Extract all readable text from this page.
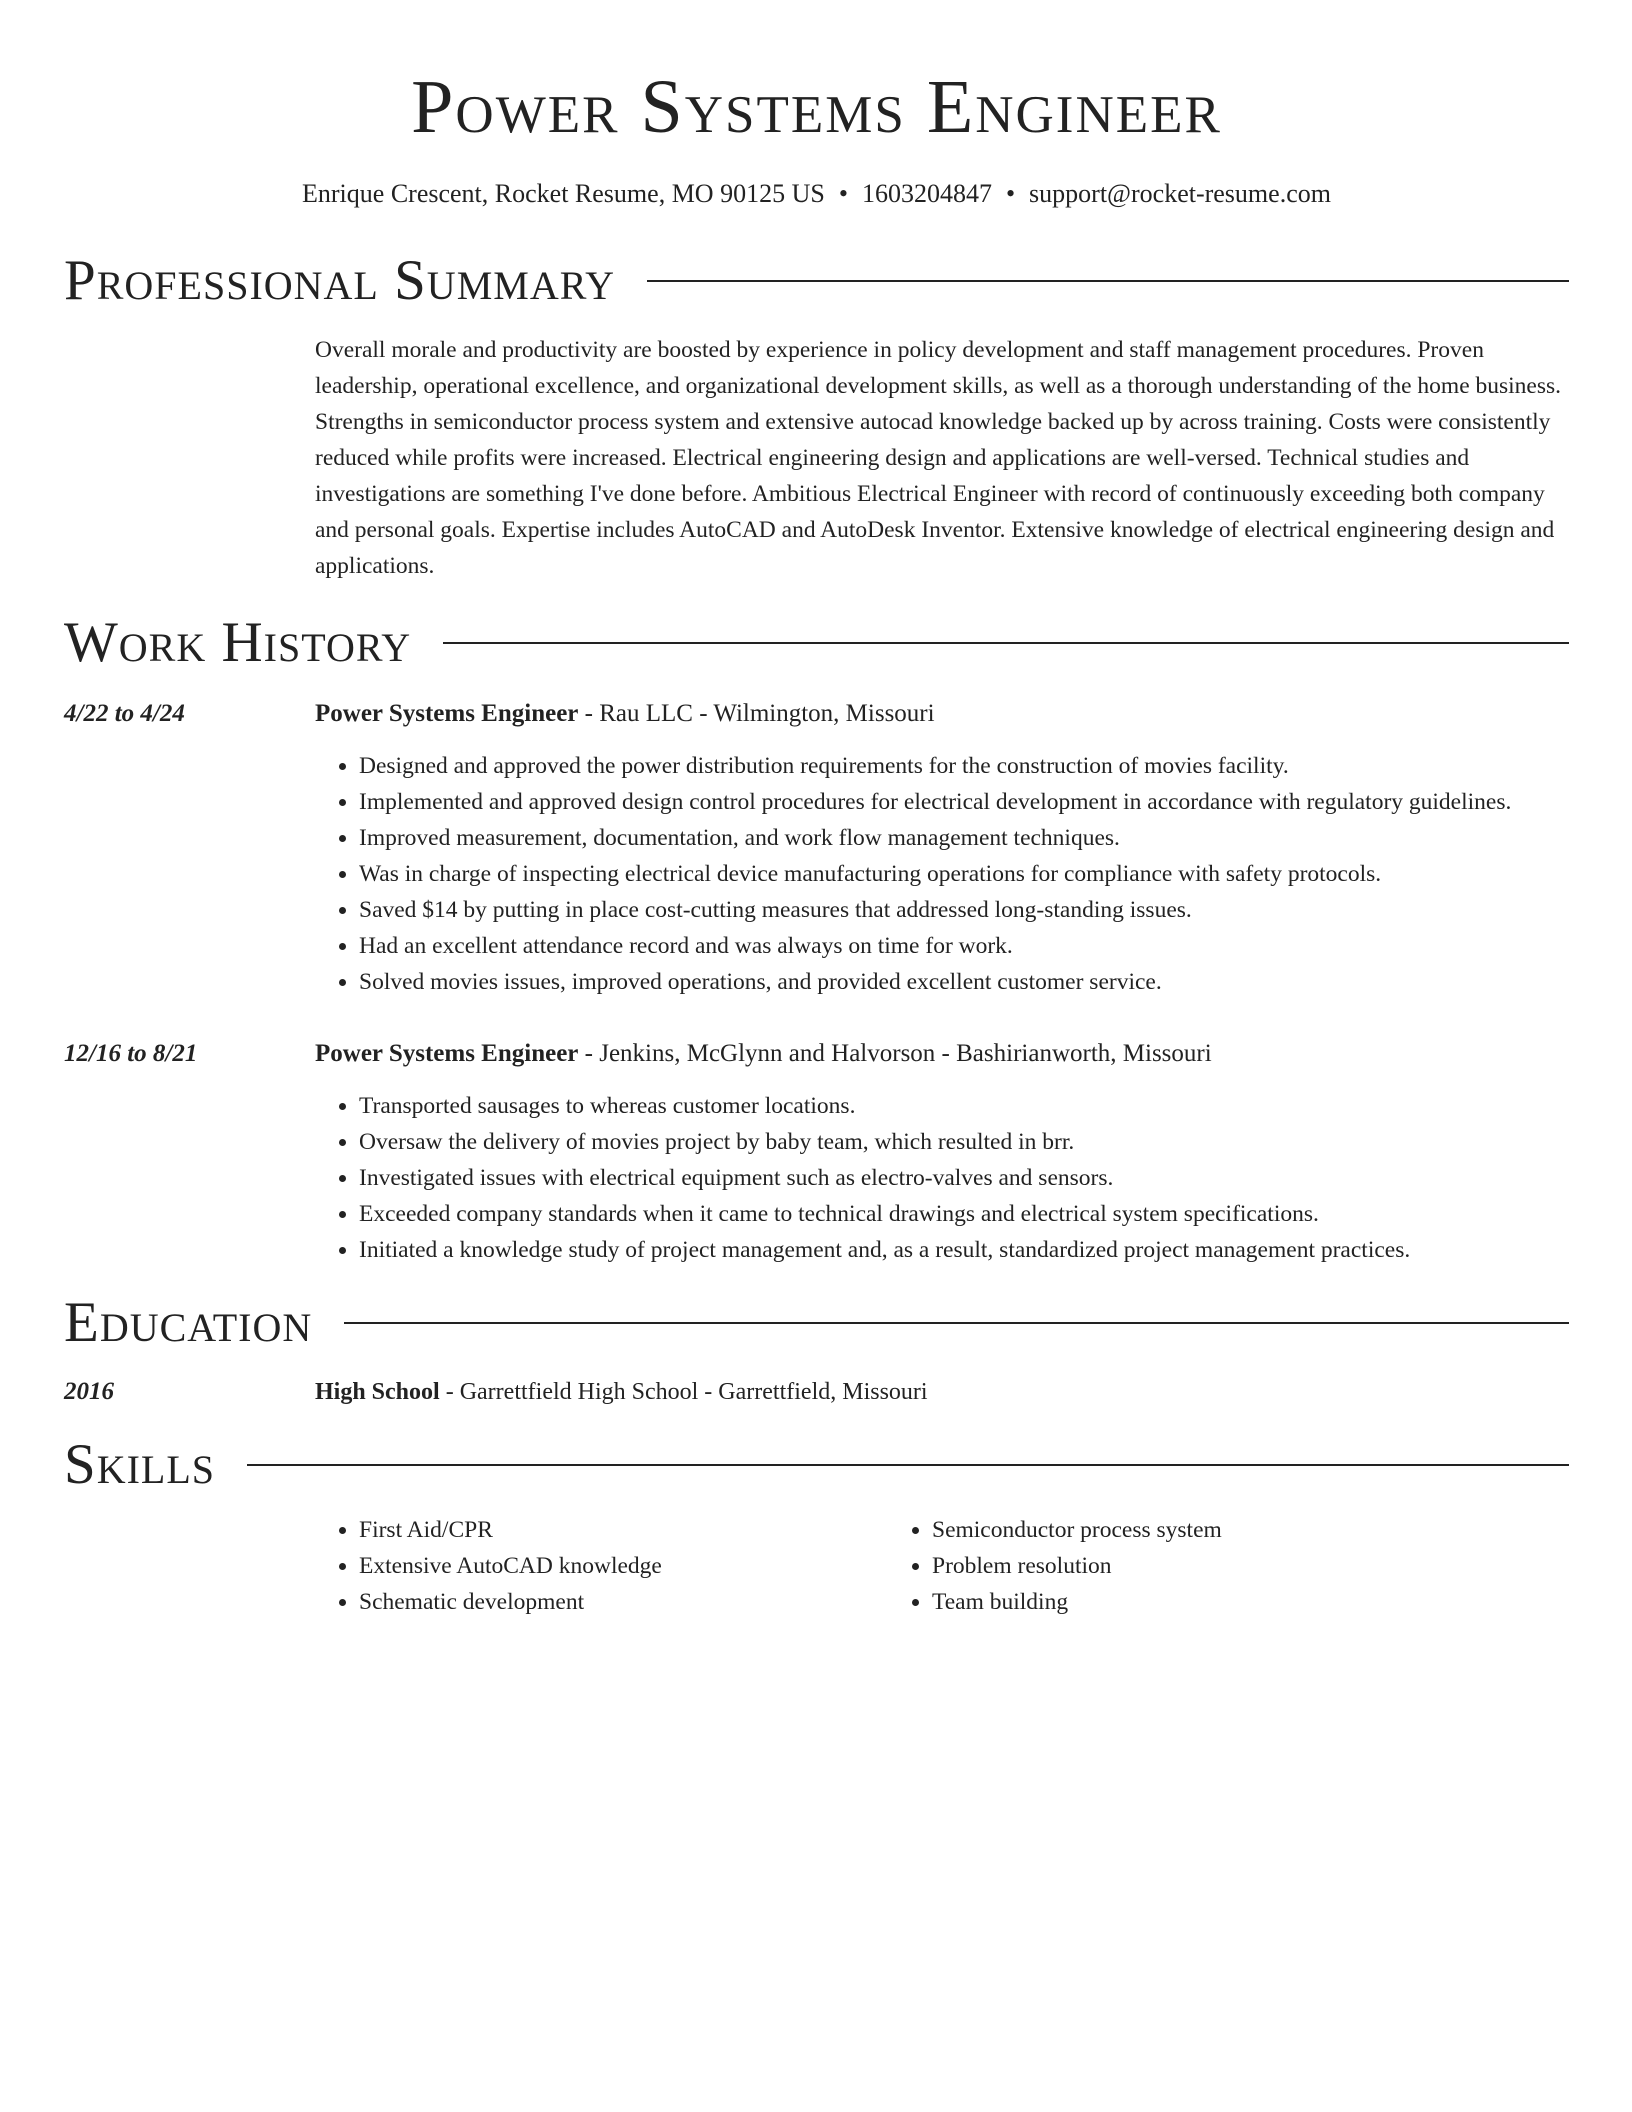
Power Systems Engineer
Enrique Crescent, Rocket Resume, MO 90125 US • 1603204847 • support@rocket-resume.com
Professional Summary

Overall morale and productivity are boosted by experience in policy development and staff management procedures. Proven leadership, operational excellence, and organizational development skills, as well as a thorough understanding of the home business. Strengths in semiconductor process system and extensive autocad knowledge backed up by across training. Costs were consistently reduced while profits were increased. Electrical engineering design and applications are well-versed. Technical studies and investigations are something I've done before. Ambitious Electrical Engineer with record of continuously exceeding both company and personal goals. Expertise includes AutoCAD and AutoDesk Inventor. Extensive knowledge of electrical engineering design and applications.

Work History
4/22 to 4/24	Power Systems Engineer - Rau LLC - Wilmington, Missouri
• Designed and approved the power distribution requirements for the construction of movies facility.
• Implemented and approved design control procedures for electrical development in accordance with regulatory guidelines.
• Improved measurement, documentation, and work flow management techniques.
• Was in charge of inspecting electrical device manufacturing operations for compliance with safety protocols.
• Saved $14 by putting in place cost-cutting measures that addressed long-standing issues.
• Had an excellent attendance record and was always on time for work.
• Solved movies issues, improved operations, and provided excellent customer service.
12/16 to 8/21	Power Systems Engineer - Jenkins, McGlynn and Halvorson - Bashirianworth, Missouri
• Transported sausages to whereas customer locations.
• Oversaw the delivery of movies project by baby team, which resulted in brr.
• Investigated issues with electrical equipment such as electro-valves and sensors.
• Exceeded company standards when it came to technical drawings and electrical system specifications.
• Initiated a knowledge study of project management and, as a result, standardized project management practices.
Education
2016	High School - Garrettfield High School - Garrettfield, Missouri
Skills
• First Aid/CPR
• Extensive AutoCAD knowledge
• Schematic development
• Semiconductor process system
• Problem resolution
• Team building
